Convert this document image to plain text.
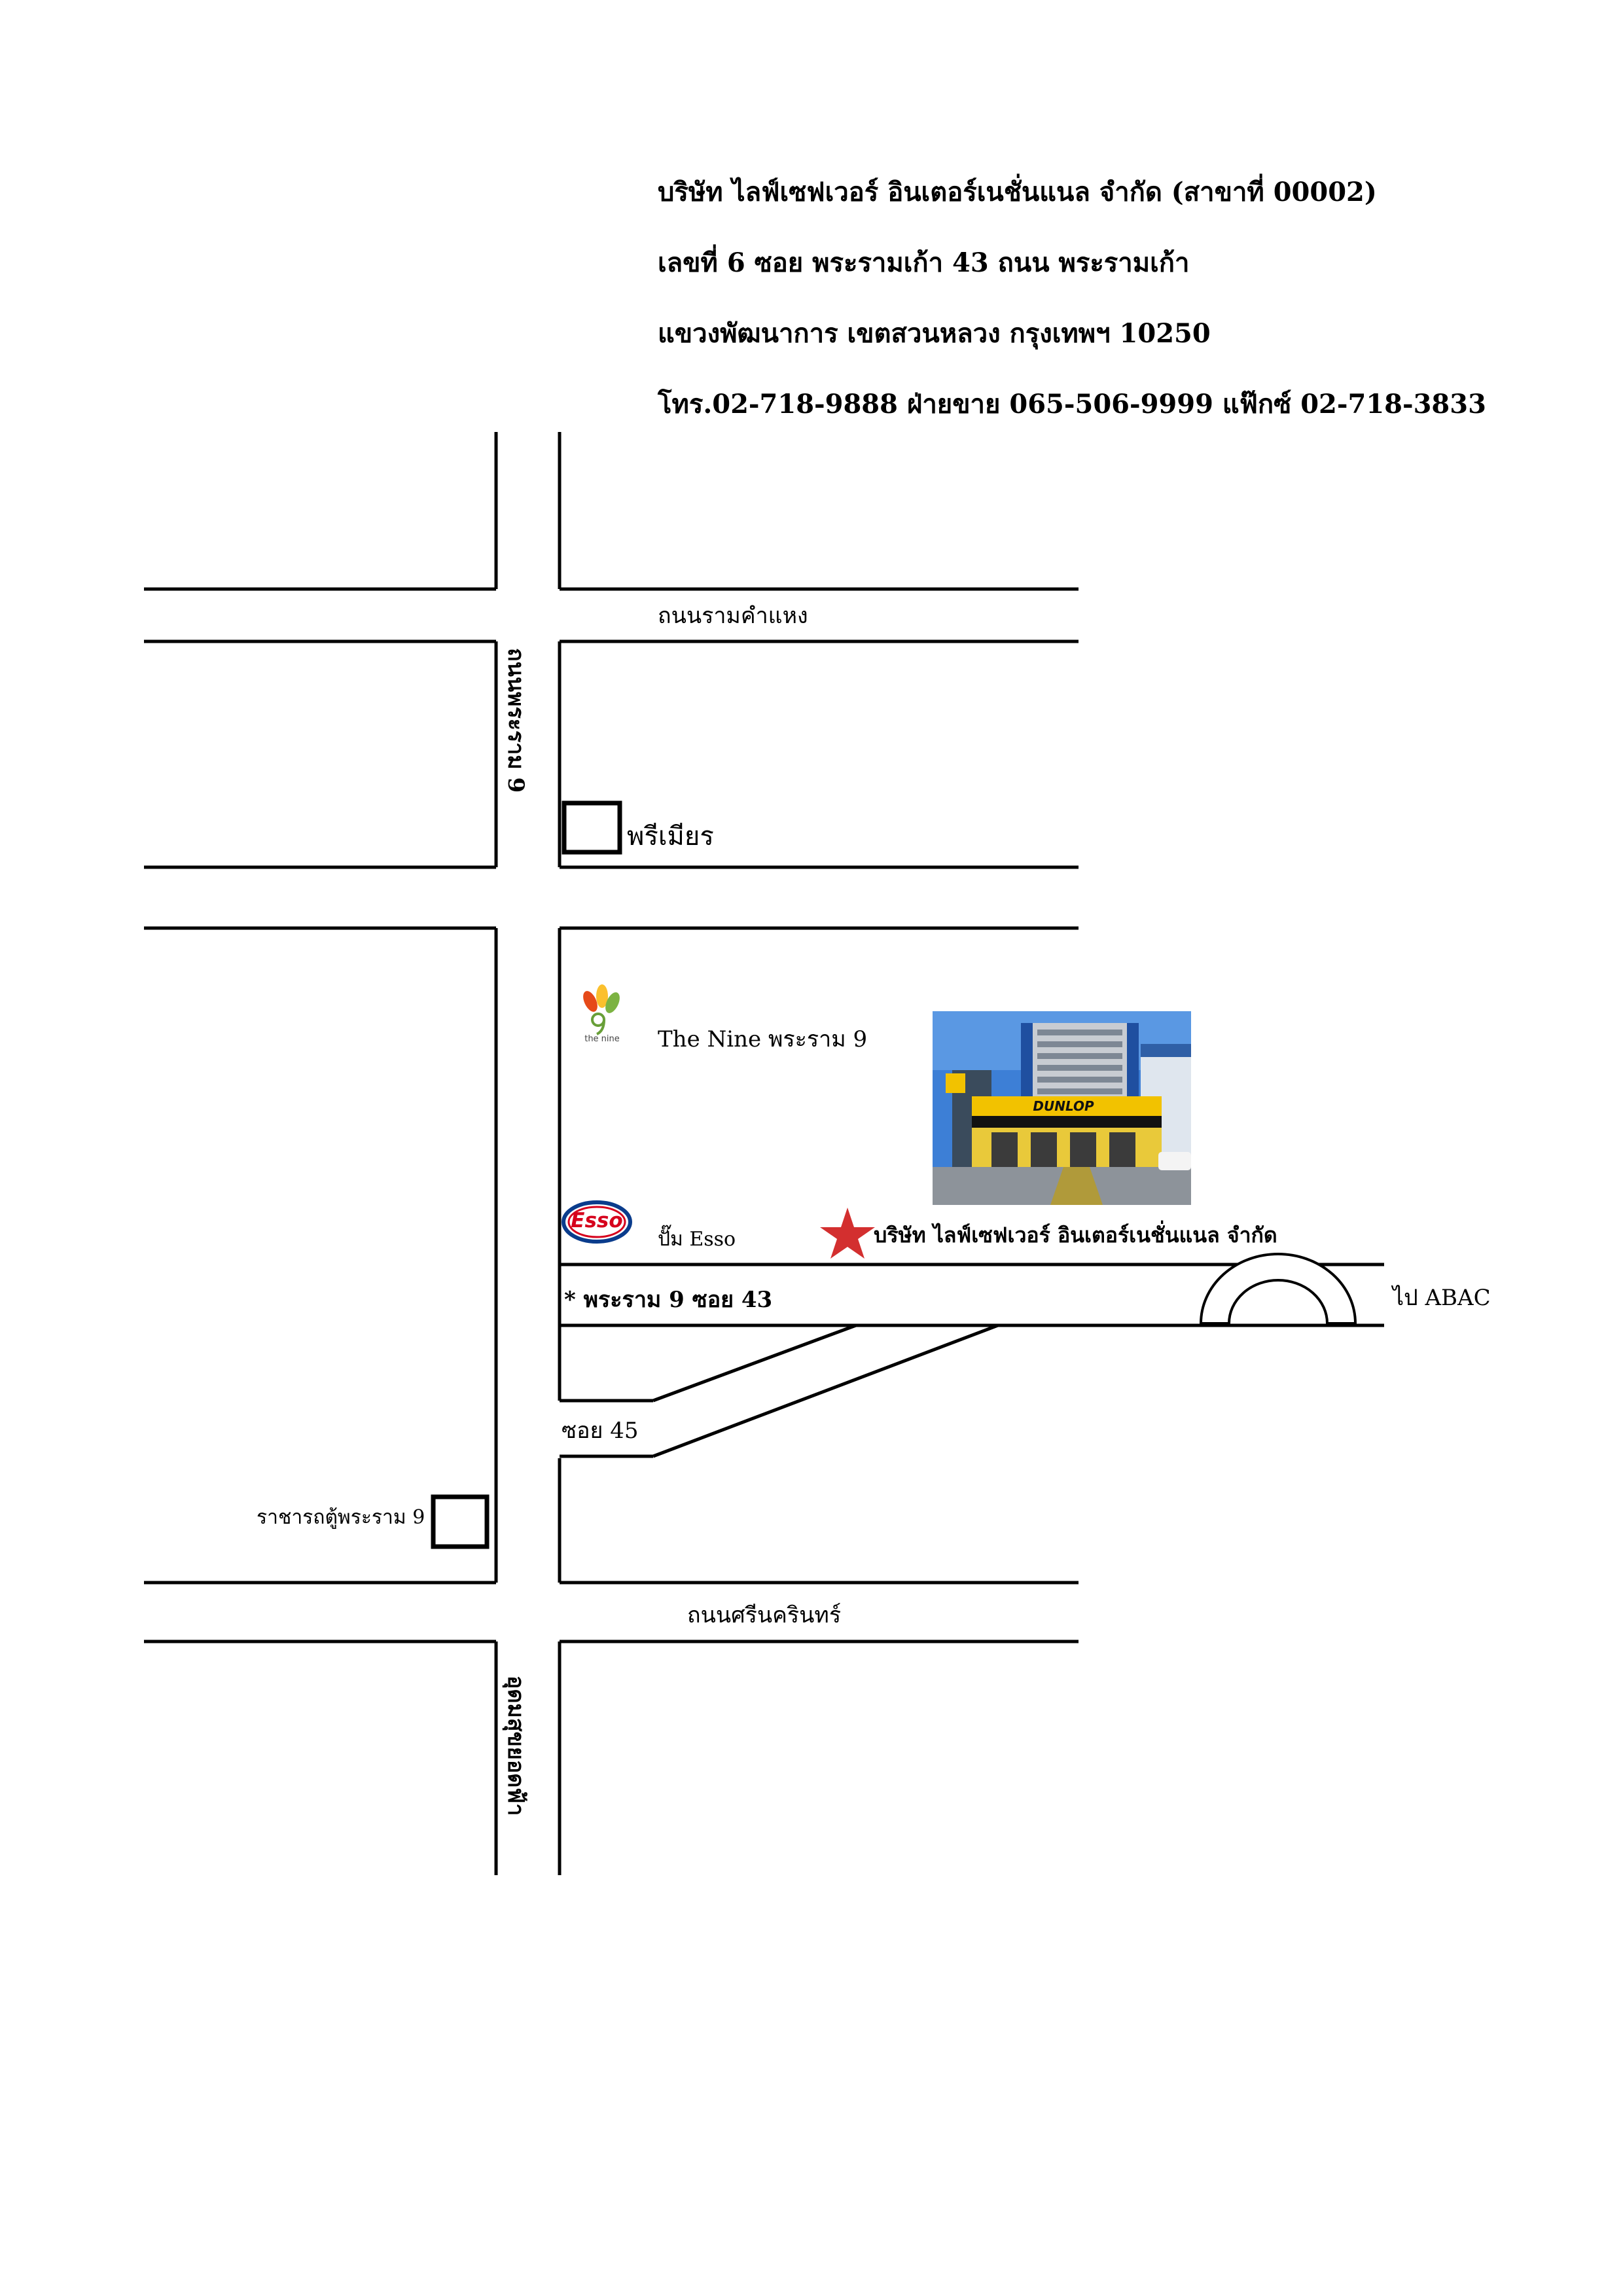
บริษัท ไลฟ์เซฟเวอร์ อินเตอร์เนชั่นแนล จำกัด (สาขาที่ 00002)
เลขที่ 6 ซอย พระรามเก้า 43 ถนน พระรามเก้า
แขวงพัฒนาการ เขตสวนหลวง กรุงเทพฯ 10250
โทร.02-718-9888 ฝ่ายขาย 065-506-9999 แฟ๊กซ์ 02-718-3833
ถนนรามคำแหง
* พระราม 9 ซอย 43
ซอย 45
ถนนศรีนครินทร์
ถนนพระราม 9
อุดมสุขยอดฟ้า
พรีเมียร
The Nine พระราม 9
ปั๊ม Esso	บริษัท ไลฟ์เซฟเวอร์ อินเตอร์เนชั่นแนล จำกัด
ไป ABAC
ราชารถตู้พระราม 9
the nine
Esso
DUNLOP
